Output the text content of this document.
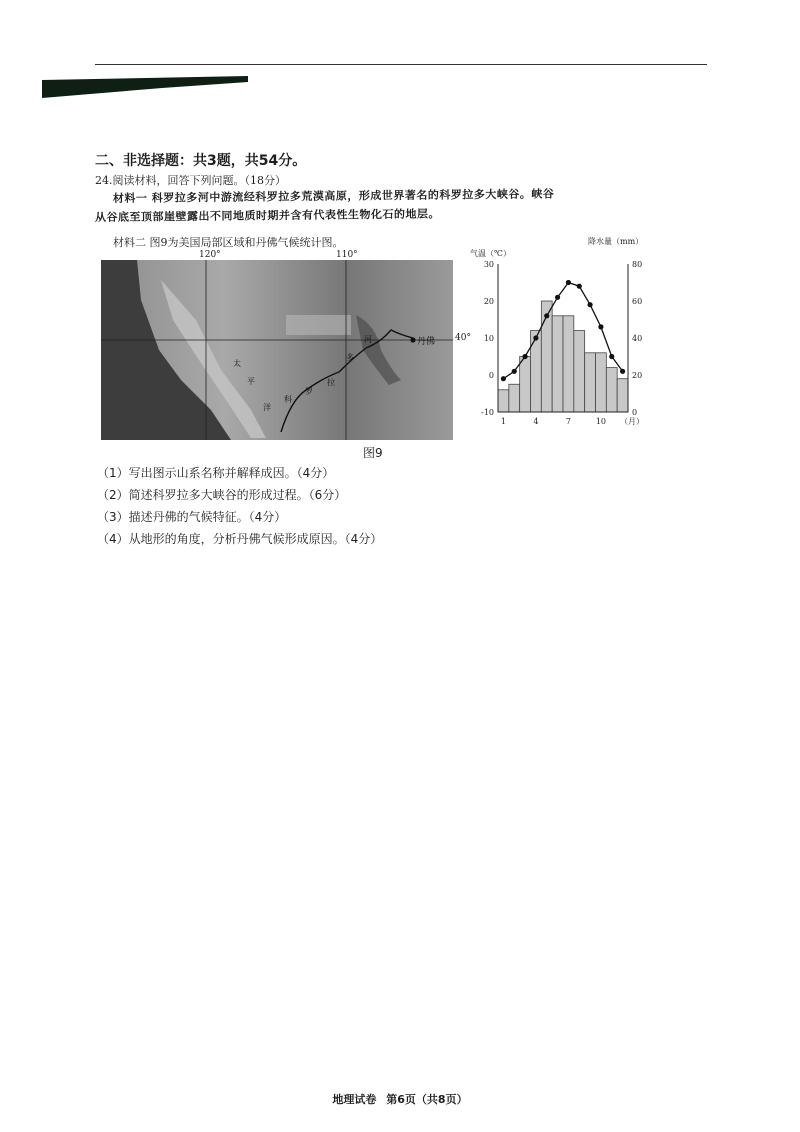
二、非选择题：共3题，共54分。
24.阅读材料，回答下列问题。（18分）
材料一 科罗拉多河中游流经科罗拉多荒漠高原，形成世界著名的科罗拉多大峡谷。峡谷
从谷底至顶部崖壁露出不同地质时期并含有代表性生物化石的地层。
材料二 图9为美国局部区域和丹佛气候统计图。
太
平
洋
科
罗
拉
多
河	丹佛
120°	110°
40°
气温（℃）
降水量（mm）
30
20
10
0
-10
80
60
40
20
0
1	4	7	10 （月）
图9
（1）写出图示山系名称并解释成因。（4分）
（2）简述科罗拉多大峡谷的形成过程。（6分）
（3）描述丹佛的气候特征。（4分）
（4）从地形的角度，分析丹佛气候形成原因。（4分）
地理试卷 第6页（共8页）
